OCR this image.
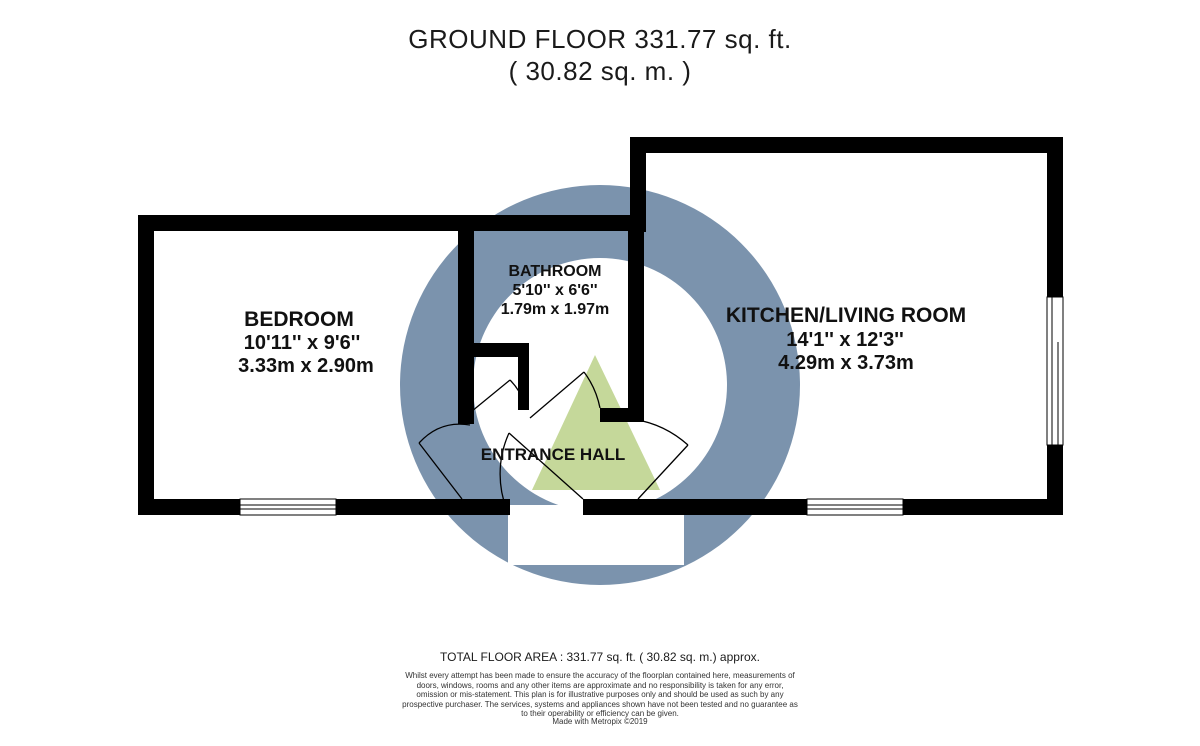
GROUND FLOOR 331.77 sq. ft.
( 30.82 sq. m. )
BEDROOM
10'11'' x 9'6''
3.33m x 2.90m
BATHROOM
5'10'' x 6'6''
1.79m x 1.97m	KITCHEN/LIVING ROOM
14'1'' x 12'3''
4.29m x 3.73m
ENTRANCE HALL
TOTAL FLOOR AREA : 331.77 sq. ft. ( 30.82 sq. m.) approx.
Whilst every attempt has been made to ensure the accuracy of the floorplan contained here, measurements of doors, windows, rooms and any other items are approximate and no responsibility is taken for any error, omission or mis-statement. This plan is for illustrative purposes only and should be used as such by any prospective purchaser. The services, systems and appliances shown have not been tested and no guarantee as to their operability or efficiency can be given.
Made with Metropix ©2019
